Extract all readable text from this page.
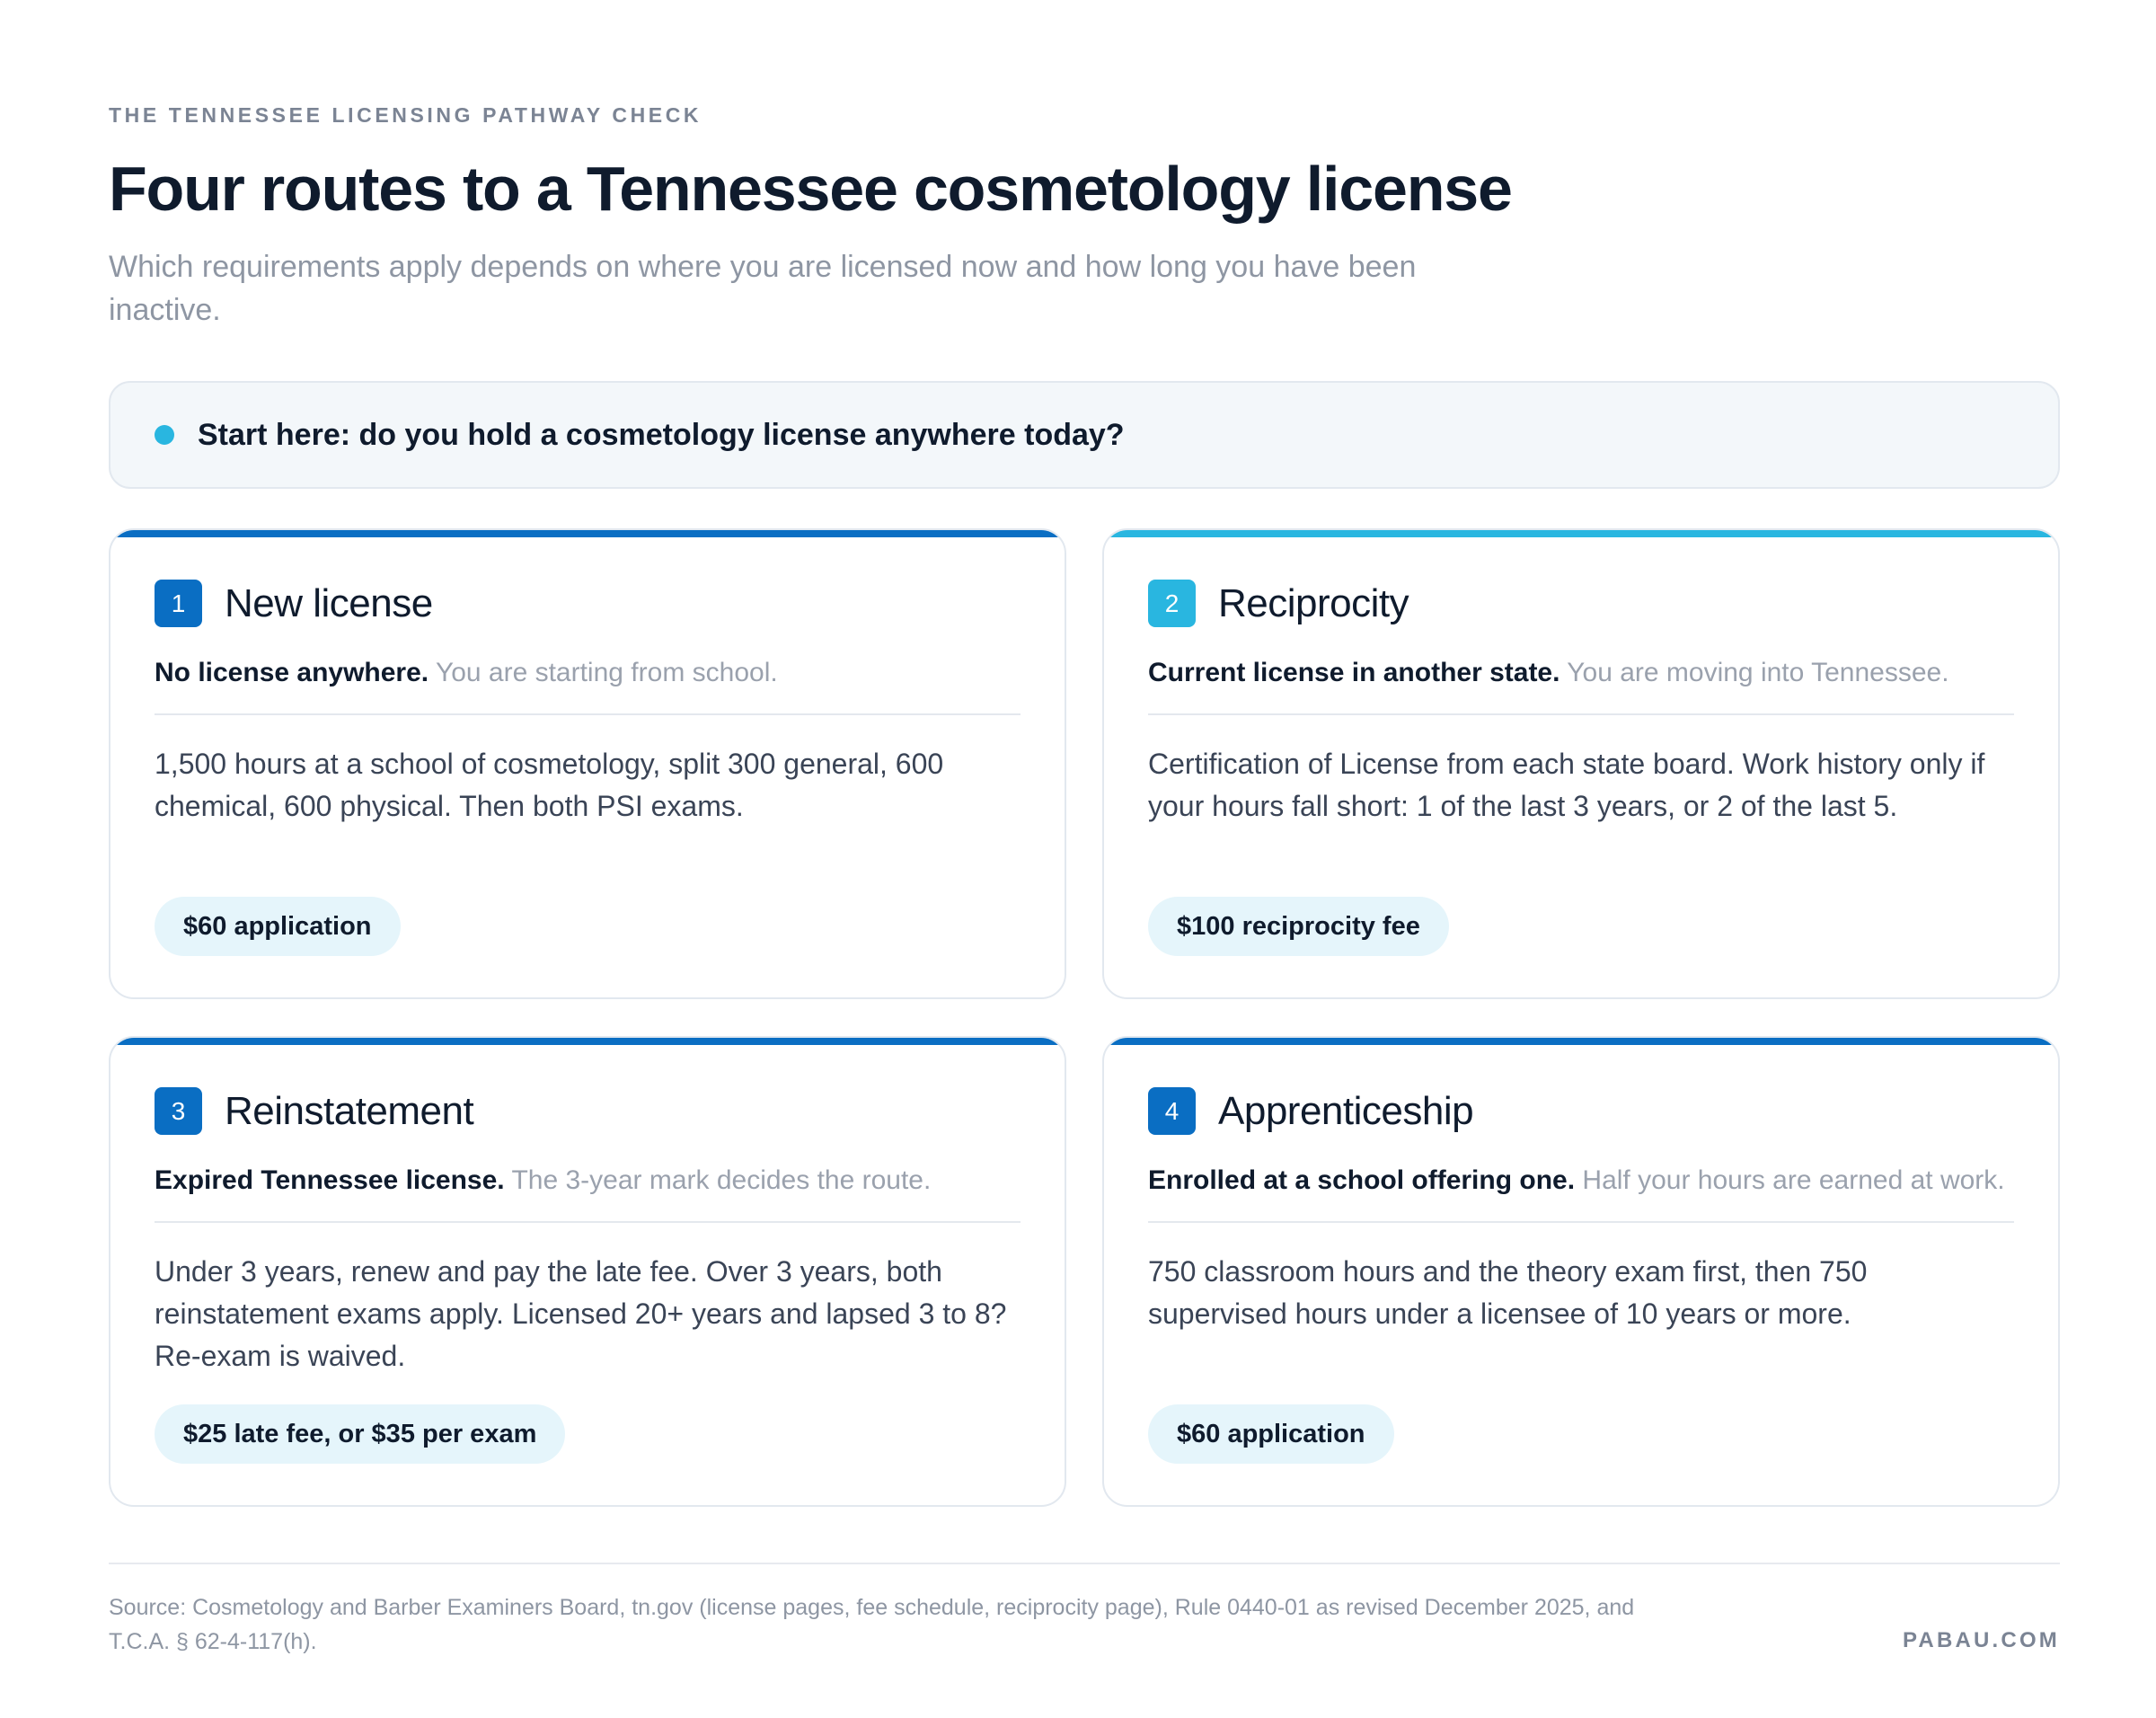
THE TENNESSEE LICENSING PATHWAY CHECK
Four routes to a Tennessee cosmetology license

Which requirements apply depends on where you are licensed now and how long you have been inactive.

Start here: do you hold a cosmetology license anywhere today?
1 New license
No license anywhere. You are starting from school.

1,500 hours at a school of cosmetology, split 300 general, 600 chemical, 600 physical. Then both PSI exams.

$60 application
2 Reciprocity
Current license in another state. You are moving into Tennessee.

Certification of License from each state board. Work history only if your hours fall short: 1 of the last 3 years, or 2 of the last 5.

$100 reciprocity fee
3 Reinstatement
Expired Tennessee license. The 3-year mark decides the route.

Under 3 years, renew and pay the late fee. Over 3 years, both reinstatement exams apply. Licensed 20+ years and lapsed 3 to 8? Re-exam is waived.

$25 late fee, or $35 per exam
4 Apprenticeship
Enrolled at a school offering one. Half your hours are earned at work.

750 classroom hours and the theory exam first, then 750 supervised hours under a licensee of 10 years or more.

$60 application

Source: Cosmetology and Barber Examiners Board, tn.gov (license pages, fee schedule, reciprocity page), Rule 0440-01 as revised December 2025, and T.C.A. § 62-4-117(h).	PABAU.COM
